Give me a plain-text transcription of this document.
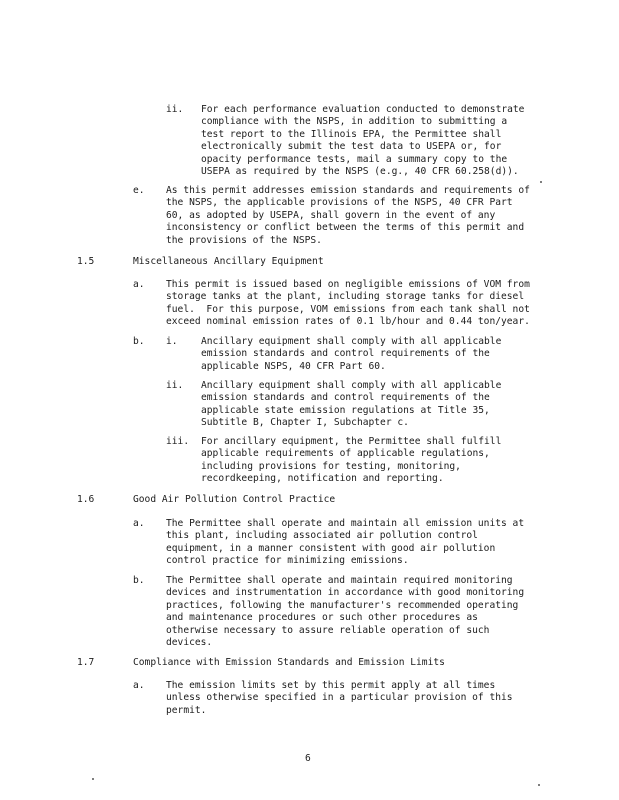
ii. For each performance evaluation conducted to demonstrate
compliance with the NSPS, in addition to submitting a
test report to the Illinois EPA, the Permittee shall
electronically submit the test data to USEPA or, for
opacity performance tests, mail a summary copy to the
USEPA as required by the NSPS (e.g., 40 CFR 60.258(d)).
e. As this permit addresses emission standards and requirements of
the NSPS, the applicable provisions of the NSPS, 40 CFR Part
60, as adopted by USEPA, shall govern in the event of any
inconsistency or conflict between the terms of this permit and
the provisions of the NSPS.
1.5	Miscellaneous Ancillary Equipment
a. This permit is issued based on negligible emissions of VOM from
storage tanks at the plant, including storage tanks for diesel
fuel.  For this purpose, VOM emissions from each tank shall not
exceed nominal emission rates of 0.1 lb/hour and 0.44 ton/year.
b. i. Ancillary equipment shall comply with all applicable
emission standards and control requirements of the
applicable NSPS, 40 CFR Part 60.
ii. Ancillary equipment shall comply with all applicable
emission standards and control requirements of the
applicable state emission regulations at Title 35,
Subtitle B, Chapter I, Subchapter c.
iii. For ancillary equipment, the Permittee shall fulfill
applicable requirements of applicable regulations,
including provisions for testing, monitoring,
recordkeeping, notification and reporting.
1.6	Good Air Pollution Control Practice
a. The Permittee shall operate and maintain all emission units at
this plant, including associated air pollution control
equipment, in a manner consistent with good air pollution
control practice for minimizing emissions.
b. The Permittee shall operate and maintain required monitoring
devices and instrumentation in accordance with good monitoring
practices, following the manufacturer's recommended operating
and maintenance procedures or such other procedures as
otherwise necessary to assure reliable operation of such
devices.
1.7	Compliance with Emission Standards and Emission Limits
a. The emission limits set by this permit apply at all times
unless otherwise specified in a particular provision of this
permit.
6
